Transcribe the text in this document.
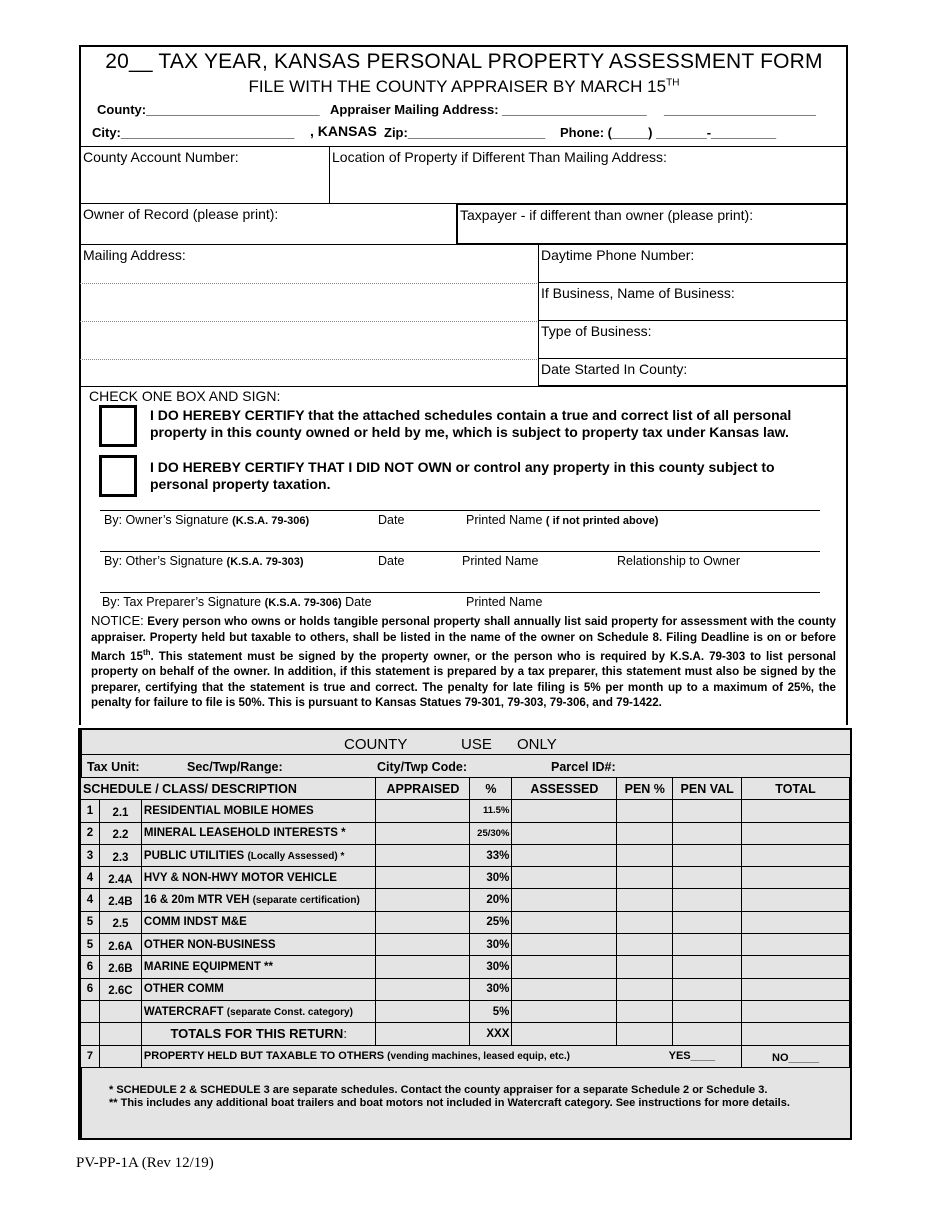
20__ TAX YEAR, KANSAS PERSONAL PROPERTY ASSESSMENT FORM
FILE WITH THE COUNTY APPRAISER BY MARCH 15TH
County:________________________ Appraiser Mailing Address: ____________________ _____________________
City:________________________ , KANSAS Zip:___________________ Phone: (_____) _______-_________
County Account Number:	Location of Property if Different Than Mailing Address:
Owner of Record (please print):	Taxpayer - if different than owner (please print):
Mailing Address:	Daytime Phone Number:
If Business, Name of Business:
Type of Business:
Date Started In County:
CHECK ONE BOX AND SIGN:
I DO HEREBY CERTIFY that the attached schedules contain a true and correct list of all personal property in this county owned or held by me, which is subject to property tax under Kansas law.
I DO HEREBY CERTIFY THAT I DID NOT OWN or control any property in this county subject to personal property taxation.
By: Owner’s Signature (K.S.A. 79-306)	Date	Printed Name ( if not printed above)
By: Other’s Signature (K.S.A. 79-303)	Date	Printed Name	Relationship to Owner
By: Tax Preparer’s Signature (K.S.A. 79-306) Date	Printed Name
NOTICE: Every person who owns or holds tangible personal property shall annually list said property for assessment with the county appraiser. Property held but taxable to others, shall be listed in the name of the owner on Schedule 8. Filing Deadline is on or before March 15th. This statement must be signed by the property owner, or the person who is required by K.S.A. 79-303 to list personal property on behalf of the owner. In addition, if this statement is prepared by a tax preparer, this statement must also be signed by the preparer, certifying that the statement is true and correct. The penalty for late filing is 5% per month up to a maximum of 25%, the penalty for failure to file is 50%. This is pursuant to Kansas Statues 79-301, 79-303, 79-306, and 79-1422.
COUNTY	USE ONLY
Tax Unit:	Sec/Twp/Range:	City/Twp Code:	Parcel ID#:
SCHEDULE / CLASS/ DESCRIPTION			APPRAISED	%	ASSESSED	PEN %	PEN VAL	TOTAL
1	2.1	RESIDENTIAL MOBILE HOMES		11.5%				
2	2.2	MINERAL LEASEHOLD INTERESTS *		25/30%				
3	2.3	PUBLIC UTILITIES (Locally Assessed) *		33%				
4	2.4A	HVY & NON-HWY MOTOR VEHICLE		30%				
4	2.4B	16 & 20m MTR VEH (separate certification)		20%				
5	2.5	COMM INDST M&E		25%				
5	2.6A	OTHER NON-BUSINESS		30%				
6	2.6B	MARINE EQUIPMENT **		30%				
6	2.6C	OTHER COMM		30%				
		WATERCRAFT (separate Const. category)		5%				
		TOTALS FOR THIS RETURN:		XXX				
7		PROPERTY HELD BUT TAXABLE TO OTHERS (vending machines, leased equip, etc.) YES____						NO_____
* SCHEDULE 2 & SCHEDULE 3 are separate schedules. Contact the county appraiser for a separate Schedule 2 or Schedule 3.
** This includes any additional boat trailers and boat motors not included in Watercraft category. See instructions for more details.
PV-PP-1A (Rev 12/19)
